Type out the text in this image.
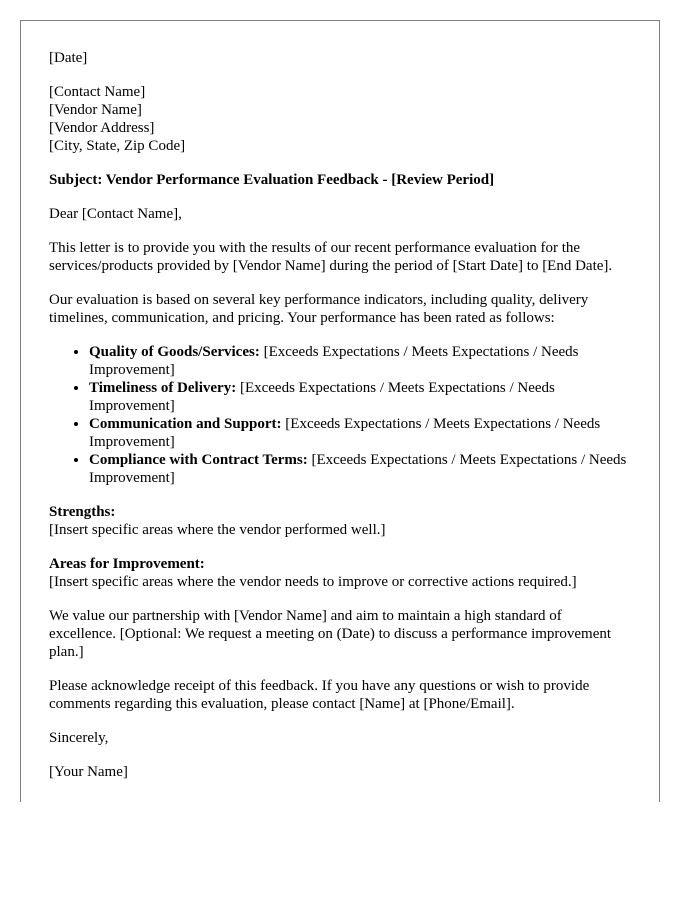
[Date]

[Contact Name]
[Vendor Name]
[Vendor Address]
[City, State, Zip Code]

Subject: Vendor Performance Evaluation Feedback - [Review Period]

Dear [Contact Name],

This letter is to provide you with the results of our recent performance evaluation for the services/products provided by [Vendor Name] during the period of [Start Date] to [End Date].

Our evaluation is based on several key performance indicators, including quality, delivery timelines, communication, and pricing. Your performance has been rated as follows:

• Quality of Goods/Services: [Exceeds Expectations / Meets Expectations / Needs Improvement]
• Timeliness of Delivery: [Exceeds Expectations / Meets Expectations / Needs Improvement]
• Communication and Support: [Exceeds Expectations / Meets Expectations / Needs Improvement]
• Compliance with Contract Terms: [Exceeds Expectations / Meets Expectations / Needs Improvement]

Strengths:
[Insert specific areas where the vendor performed well.]

Areas for Improvement:
[Insert specific areas where the vendor needs to improve or corrective actions required.]

We value our partnership with [Vendor Name] and aim to maintain a high standard of excellence. [Optional: We request a meeting on (Date) to discuss a performance improvement plan.]

Please acknowledge receipt of this feedback. If you have any questions or wish to provide comments regarding this evaluation, please contact [Name] at [Phone/Email].

Sincerely,

[Your Name]
